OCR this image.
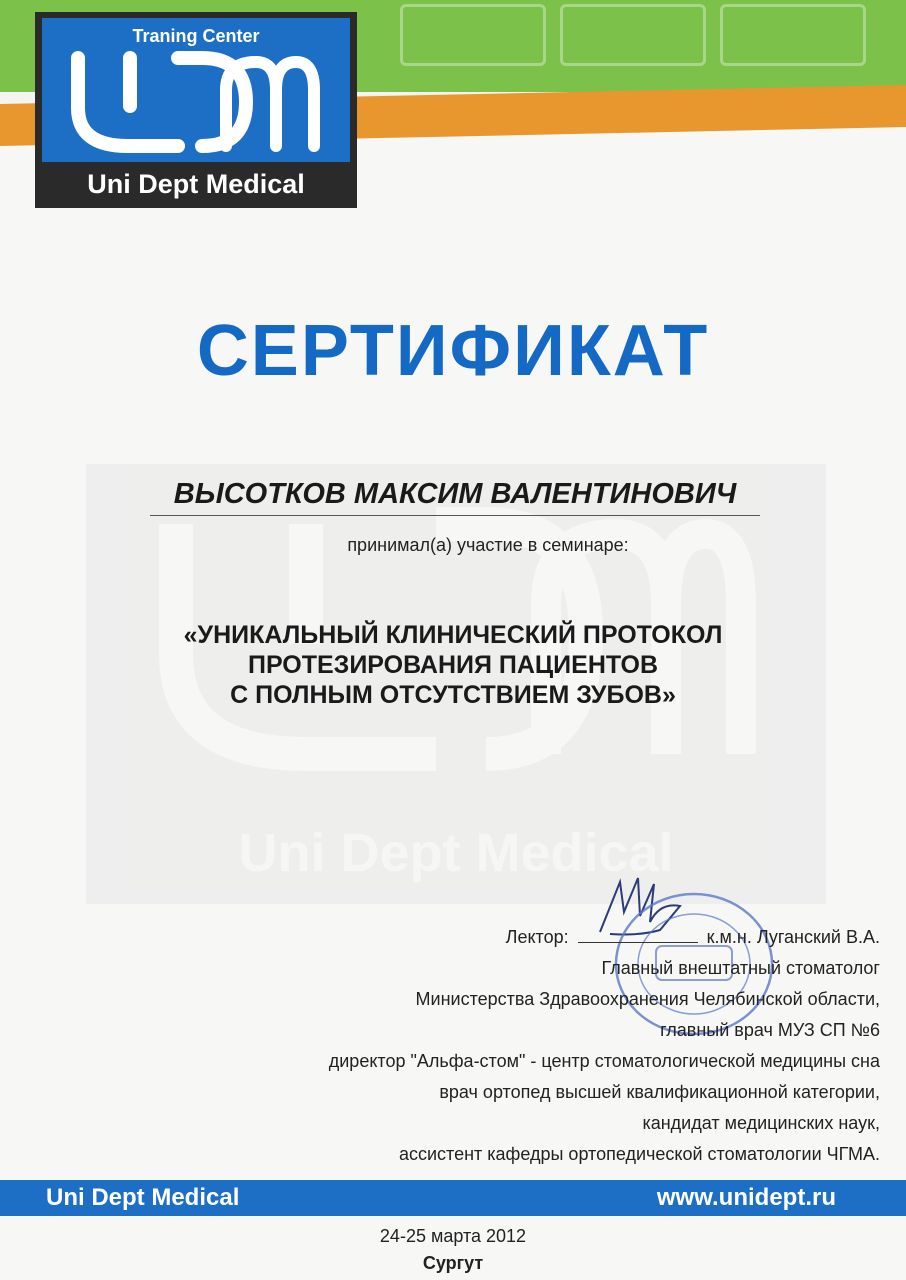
Traning Center
Uni Dept Medical
Uni Dept Medical
СЕРТИФИКАТ
ВЫСОТКОВ МАКСИМ ВАЛЕНТИНОВИЧ
принимал(а) участие в семинаре:
«УНИКАЛЬНЫЙ КЛИНИЧЕСКИЙ ПРОТОКОЛ
ПРОТЕЗИРОВАНИЯ ПАЦИЕНТОВ
С ПОЛНЫМ ОТСУТСТВИЕМ ЗУБОВ»
Лектор:	к.м.н. Луганский В.А.
Главный внештатный стоматолог
Министерства Здравоохранения Челябинской области,
главный врач МУЗ СП №6
директор "Альфа-стом" - центр стоматологической медицины сна
врач ортопед высшей квалификационной категории,
кандидат медицинских наук,
ассистент кафедры ортопедической стоматологии ЧГМА.
Uni Dept Medical	www.unidept.ru
24-25 марта 2012
Сургут
